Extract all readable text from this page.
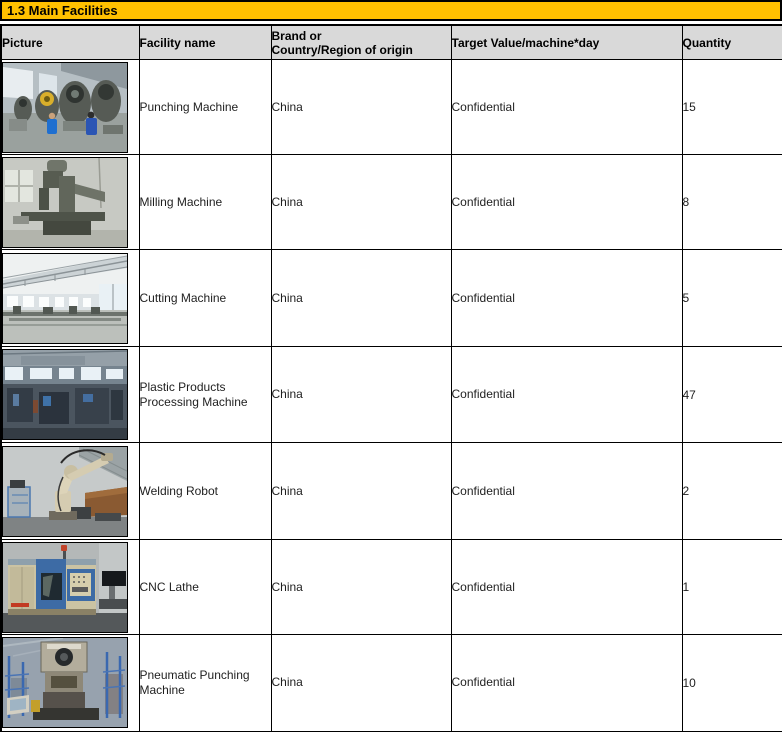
1.3 Main Facilities
Picture	Facility name	Brand or
Country/Region of origin	Target Value/machine*day	Quantity

	Punching Machine	China	Confidential	15

	Milling Machine	China	Confidential	8

	Cutting Machine	China	Confidential	5

	Plastic Products Processing Machine	China	Confidential	47

	Welding Robot	China	Confidential	2

	CNC Lathe	China	Confidential	1

	Pneumatic Punching Machine	China	Confidential	10
